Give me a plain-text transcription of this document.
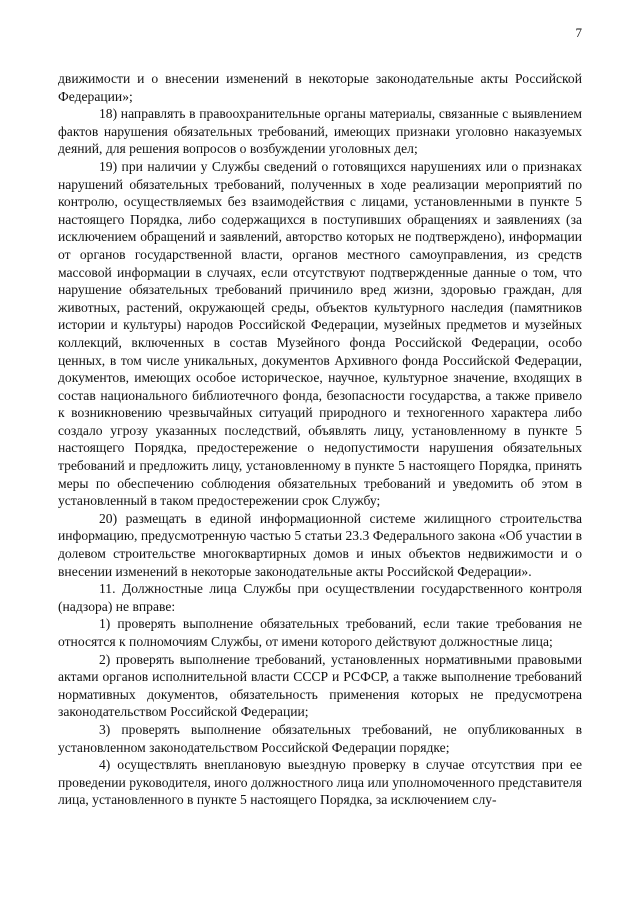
7

движимости и о внесении изменений в некоторые законодательные акты Российской Федерации»;

18) направлять в правоохранительные органы материалы, связанные с выявлением фактов нарушения обязательных требований, имеющих признаки уголовно наказуемых деяний, для решения вопросов о возбуждении уголовных дел;

19) при наличии у Службы сведений о готовящихся нарушениях или о признаках нарушений обязательных требований, полученных в ходе реализации мероприятий по контролю, осуществляемых без взаимодействия с лицами, установленными в пункте 5 настоящего Порядка, либо содержащихся в поступивших обращениях и заявлениях (за исключением обращений и заявлений, авторство которых не подтверждено), информации от органов государственной власти, органов местного самоуправления, из средств массовой информации в случаях, если отсутствуют подтвержденные данные о том, что нарушение обязательных требований причинило вред жизни, здоровью граждан, для животных, растений, окружающей среды, объектов культурного наследия (памятников истории и культуры) народов Российской Федерации, музейных предметов и музейных коллекций, включенных в состав Музейного фонда Российской Федерации, особо ценных, в том числе уникальных, документов Архивного фонда Российской Федерации, документов, имеющих особое историческое, научное, культурное значение, входящих в состав национального библиотечного фонда, безопасности государства, а также привело к возникновению чрезвычайных ситуаций природного и техногенного характера либо создало угрозу указанных последствий, объявлять лицу, установленному в пункте 5 настоящего Порядка, предостережение о недопустимости нарушения обязательных требований и предложить лицу, установленному в пункте 5 настоящего Порядка, принять меры по обеспечению соблюдения обязательных требований и уведомить об этом в установленный в таком предостережении срок Службу;

20) размещать в единой информационной системе жилищного строительства информацию, предусмотренную частью 5 статьи 23.3 Федерального закона «Об участии в долевом строительстве многоквартирных домов и иных объектов недвижимости и о внесении изменений в некоторые законодательные акты Российской Федерации».

11. Должностные лица Службы при осуществлении государственного контроля (надзора) не вправе:

1) проверять выполнение обязательных требований, если такие требования не относятся к полномочиям Службы, от имени которого действуют должностные лица;

2) проверять выполнение требований, установленных нормативными правовыми актами органов исполнительной власти СССР и РСФСР, а также выполнение требований нормативных документов, обязательность применения которых не предусмотрена законодательством Российской Федерации;

3) проверять выполнение обязательных требований, не опубликованных в установленном законодательством Российской Федерации порядке;

4) осуществлять внеплановую выездную проверку в случае отсутствия при ее проведении руководителя, иного должностного лица или уполномоченного представителя лица, установленного в пункте 5 настоящего Порядка, за исключением слу-
